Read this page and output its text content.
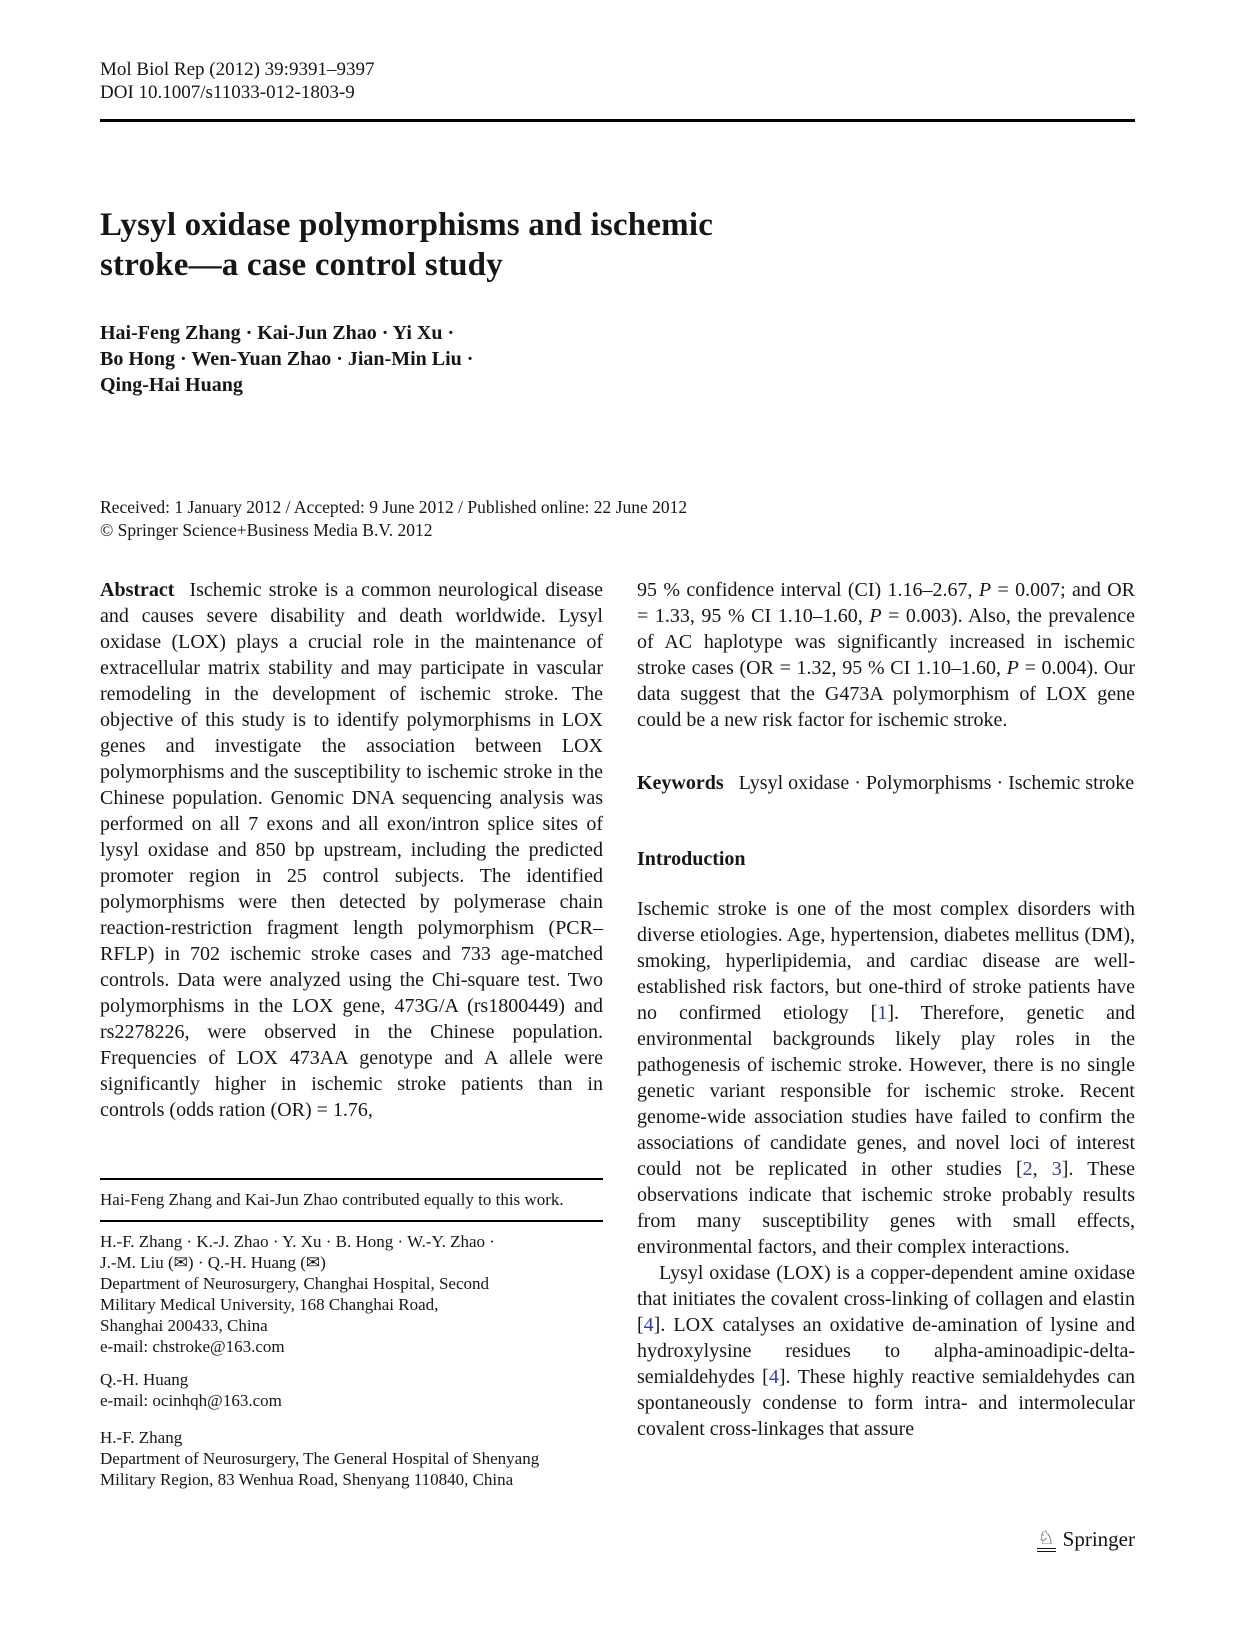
Mol Biol Rep (2012) 39:9391–9397
DOI 10.1007/s11033-012-1803-9
Lysyl oxidase polymorphisms and ischemic
stroke—a case control study
Hai-Feng Zhang · Kai-Jun Zhao · Yi Xu ·
Bo Hong · Wen-Yuan Zhao · Jian-Min Liu ·
Qing-Hai Huang
Received: 1 January 2012 / Accepted: 9 June 2012 / Published online: 22 June 2012
© Springer Science+Business Media B.V. 2012
Abstract Ischemic stroke is a common neurological disease and causes severe disability and death worldwide. Lysyl oxidase (LOX) plays a crucial role in the maintenance of extracellular matrix stability and may participate in vascular remodeling in the development of ischemic stroke. The objective of this study is to identify polymorphisms in LOX genes and investigate the association between LOX polymorphisms and the susceptibility to ischemic stroke in the Chinese population. Genomic DNA sequencing analysis was performed on all 7 exons and all exon/intron splice sites of lysyl oxidase and 850 bp upstream, including the predicted promoter region in 25 control subjects. The identified polymorphisms were then detected by polymerase chain reaction-restriction fragment length polymorphism (PCR–RFLP) in 702 ischemic stroke cases and 733 age-matched controls. Data were analyzed using the Chi-square test. Two polymorphisms in the LOX gene, 473G/A (rs1800449) and rs2278226, were observed in the Chinese population. Frequencies of LOX 473AA genotype and A allele were significantly higher in ischemic stroke patients than in controls (odds ration (OR) = 1.76,
95 % confidence interval (CI) 1.16–2.67, P = 0.007; and OR = 1.33, 95 % CI 1.10–1.60, P = 0.003). Also, the prevalence of AC haplotype was significantly increased in ischemic stroke cases (OR = 1.32, 95 % CI 1.10–1.60, P = 0.004). Our data suggest that the G473A polymorphism of LOX gene could be a new risk factor for ischemic stroke.
Keywords Lysyl oxidase · Polymorphisms · Ischemic stroke
Introduction
Ischemic stroke is one of the most complex disorders with diverse etiologies. Age, hypertension, diabetes mellitus (DM), smoking, hyperlipidemia, and cardiac disease are well-established risk factors, but one-third of stroke patients have no confirmed etiology [1]. Therefore, genetic and environmental backgrounds likely play roles in the pathogenesis of ischemic stroke. However, there is no single genetic variant responsible for ischemic stroke. Recent genome-wide association studies have failed to confirm the associations of candidate genes, and novel loci of interest could not be replicated in other studies [2, 3]. These observations indicate that ischemic stroke probably results from many susceptibility genes with small effects, environmental factors, and their complex interactions.
Lysyl oxidase (LOX) is a copper-dependent amine oxidase that initiates the covalent cross-linking of collagen and elastin [4]. LOX catalyses an oxidative de-amination of lysine and hydroxylysine residues to alpha-aminoadipic-delta-semialdehydes [4]. These highly reactive semialdehydes can spontaneously condense to form intra- and intermolecular covalent cross-linkages that assure
Hai-Feng Zhang and Kai-Jun Zhao contributed equally to this work.
H.-F. Zhang · K.-J. Zhao · Y. Xu · B. Hong · W.-Y. Zhao ·
J.-M. Liu (✉) · Q.-H. Huang (✉)
Department of Neurosurgery, Changhai Hospital, Second
Military Medical University, 168 Changhai Road,
Shanghai 200433, China
e-mail: chstroke@163.com
Q.-H. Huang
e-mail: ocinhqh@163.com
H.-F. Zhang
Department of Neurosurgery, The General Hospital of Shenyang
Military Region, 83 Wenhua Road, Shenyang 110840, China
♘ Springer
